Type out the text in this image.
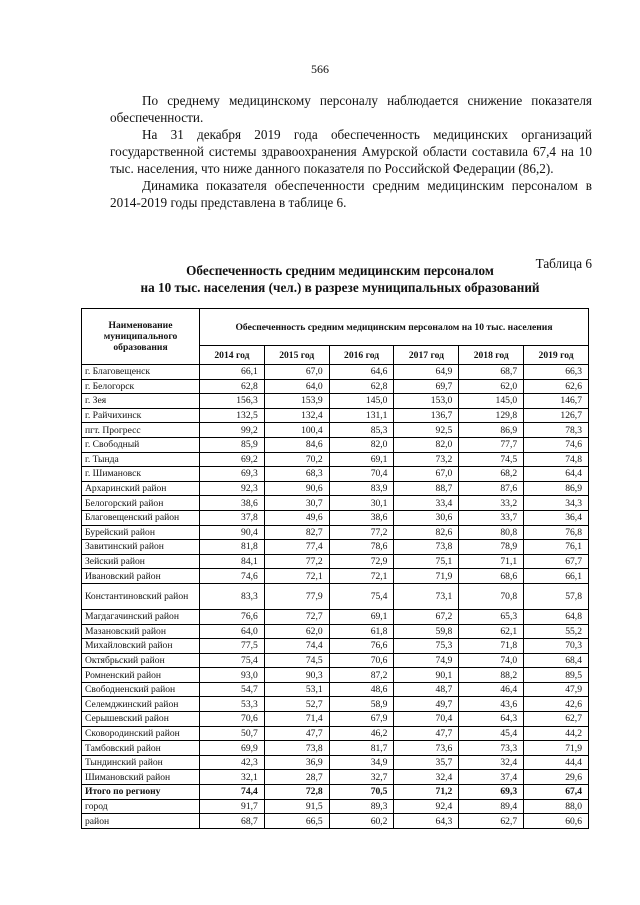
566

По среднему медицинскому персоналу наблюдается снижение показателя обеспеченности.

На 31 декабря 2019 года обеспеченность медицинских организаций государственной системы здравоохранения Амурской области составила 67,4 на 10 тыс. населения, что ниже данного показателя по Российской Федерации (86,2).

Динамика показателя обеспеченности средним медицинским персоналом в 2014-2019 годы представлена в таблице 6.

Таблица 6
Обеспеченность средним медицинским персоналом
на 10 тыс. населения (чел.) в разрезе муниципальных образований
Наименование муниципального образования	Обеспеченность средним медицинским персоналом на 10 тыс. населения					
	2014 год	2015 год	2016 год	2017 год	2018 год	2019 год
г. Благовещенск	66,1	67,0	64,6	64,9	68,7	66,3
г. Белогорск	62,8	64,0	62,8	69,7	62,0	62,6
г. Зея	156,3	153,9	145,0	153,0	145,0	146,7
г. Райчихинск	132,5	132,4	131,1	136,7	129,8	126,7
пгт. Прогресс	99,2	100,4	85,3	92,5	86,9	78,3
г. Свободный	85,9	84,6	82,0	82,0	77,7	74,6
г. Тында	69,2	70,2	69,1	73,2	74,5	74,8
г. Шимановск	69,3	68,3	70,4	67,0	68,2	64,4
Архаринский район	92,3	90,6	83,9	88,7	87,6	86,9
Белогорский район	38,6	30,7	30,1	33,4	33,2	34,3
Благовещенский район	37,8	49,6	38,6	30,6	33,7	36,4
Бурейский район	90,4	82,7	77,2	82,6	80,8	76,8
Завитинский район	81,8	77,4	78,6	73,8	78,9	76,1
Зейский район	84,1	77,2	72,9	75,1	71,1	67,7
Ивановский район	74,6	72,1	72,1	71,9	68,6	66,1
Константиновский район	83,3	77,9	75,4	73,1	70,8	57,8
Магдагачинский район	76,6	72,7	69,1	67,2	65,3	64,8
Мазановский район	64,0	62,0	61,8	59,8	62,1	55,2
Михайловский район	77,5	74,4	76,6	75,3	71,8	70,3
Октябрьский район	75,4	74,5	70,6	74,9	74,0	68,4
Ромненский район	93,0	90,3	87,2	90,1	88,2	89,5
Свободненский район	54,7	53,1	48,6	48,7	46,4	47,9
Селемджинский район	53,3	52,7	58,9	49,7	43,6	42,6
Серышевский район	70,6	71,4	67,9	70,4	64,3	62,7
Сковородинский район	50,7	47,7	46,2	47,7	45,4	44,2
Тамбовский район	69,9	73,8	81,7	73,6	73,3	71,9
Тындинский район	42,3	36,9	34,9	35,7	32,4	44,4
Шимановский район	32,1	28,7	32,7	32,4	37,4	29,6
Итого по региону	74,4	72,8	70,5	71,2	69,3	67,4
город	91,7	91,5	89,3	92,4	89,4	88,0
район	68,7	66,5	60,2	64,3	62,7	60,6
